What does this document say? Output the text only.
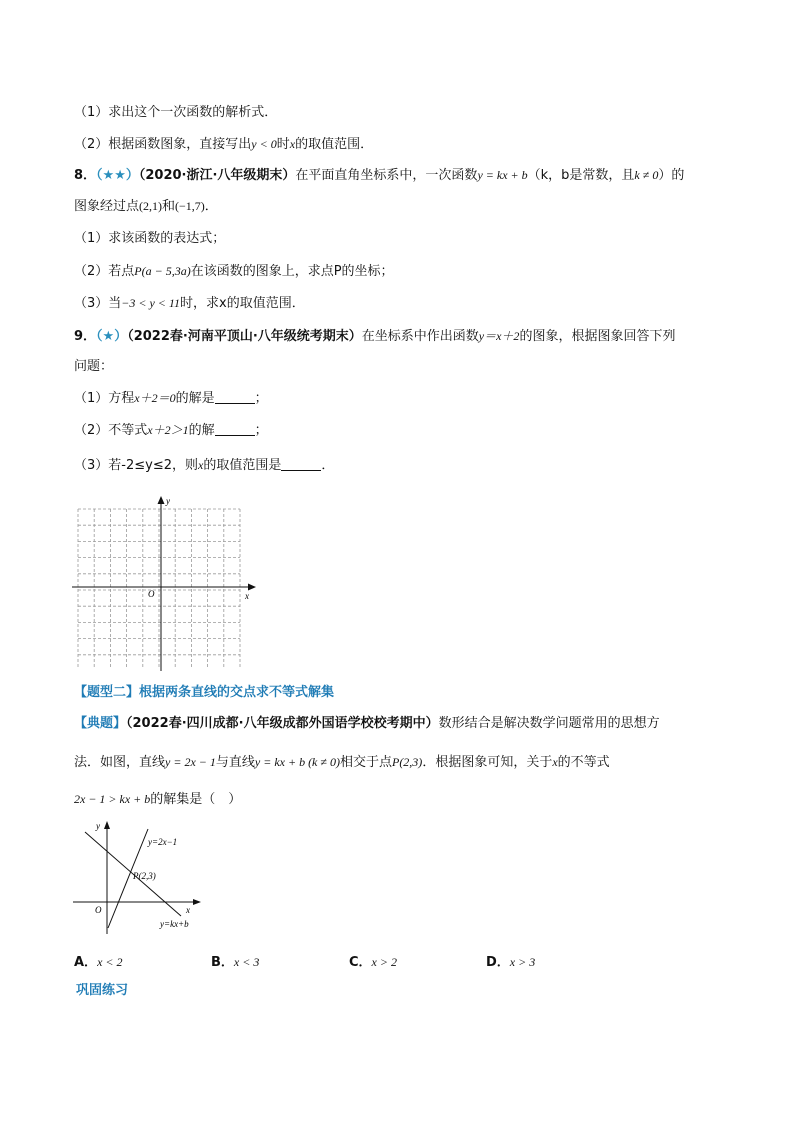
（1）求出这个一次函数的解析式．
（2）根据函数图象，直接写出y < 0时x的取值范围．
8．（★★）（2020·浙江·八年级期末）在平面直角坐标系中，一次函数y = kx + b（k，b是常数，且k ≠ 0）的
图象经过点(2,1)和(−1,7)．
（1）求该函数的表达式；
（2）若点P(a − 5,3a)在该函数的图象上，求点P的坐标；
（3）当−3 < y < 11时，求x的取值范围．
9．（★）（2022春·河南平顶山·八年级统考期末）在坐标系中作出函数y＝x＋2的图象，根据图象回答下列
问题：
（1）方程x＋2＝0的解是	；
（2）不等式x＋2＞1的解	；
（3）若-2≤y≤2，则x的取值范围是	．
x
y
O
【题型二】根据两条直线的交点求不等式解集
【典题】（2022春·四川成都·八年级成都外国语学校校考期中）数形结合是解决数学问题常用的思想方
法．如图，直线y = 2x − 1与直线y = kx + b (k ≠ 0)相交于点P(2,3)．根据图象可知，关于x的不等式
2x − 1 > kx + b的解集是（　）
y
x
O
y=2x−1
P(2,3)
y=kx+b
A．x < 2	B．x < 3	C．x > 2	D．x > 3
巩固练习
